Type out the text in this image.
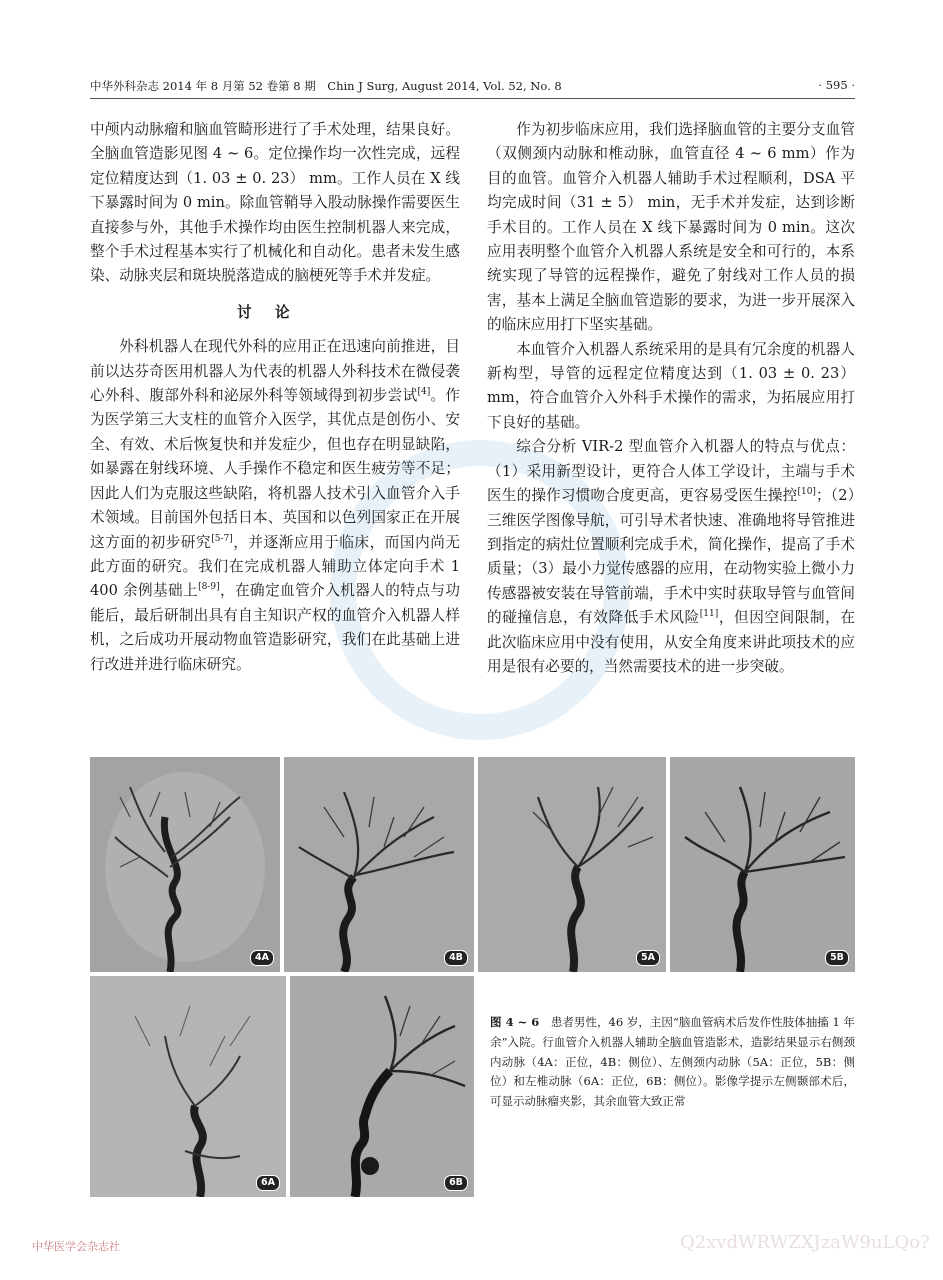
中华外科杂志 2014 年 8 月第 52 卷第 8 期　Chin J Surg, August 2014, Vol. 52, No. 8	· 595 ·

中颅内动脉瘤和脑血管畸形进行了手术处理，结果良好。全脑血管造影见图 4 ~ 6。定位操作均一次性完成，远程定位精度达到（1. 03 ± 0. 23） mm。工作人员在 X 线下暴露时间为 0 min。除血管鞘导入股动脉操作需要医生直接参与外，其他手术操作均由医生控制机器人来完成，整个手术过程基本实行了机械化和自动化。患者未发生感染、动脉夹层和斑块脱落造成的脑梗死等手术并发症。

讨论

外科机器人在现代外科的应用正在迅速向前推进，目前以达芬奇医用机器人为代表的机器人外科技术在微侵袭心外科、腹部外科和泌尿外科等领域得到初步尝试[4]。作为医学第三大支柱的血管介入医学，其优点是创伤小、安全、有效、术后恢复快和并发症少，但也存在明显缺陷，如暴露在射线环境、人手操作不稳定和医生疲劳等不足；因此人们为克服这些缺陷，将机器人技术引入血管介入手术领域。目前国外包括日本、英国和以色列国家正在开展这方面的初步研究[5-7]，并逐渐应用于临床，而国内尚无此方面的研究。我们在完成机器人辅助立体定向手术 1 400 余例基础上[8-9]，在确定血管介入机器人的特点与功能后，最后研制出具有自主知识产权的血管介入机器人样机，之后成功开展动物血管造影研究，我们在此基础上进行改进并进行临床研究。

作为初步临床应用，我们选择脑血管的主要分支血管（双侧颈内动脉和椎动脉，血管直径 4 ~ 6 mm）作为目的血管。血管介入机器人辅助手术过程顺利，DSA 平均完成时间（31 ± 5） min，无手术并发症，达到诊断手术目的。工作人员在 X 线下暴露时间为 0 min。这次应用表明整个血管介入机器人系统是安全和可行的，本系统实现了导管的远程操作，避免了射线对工作人员的损害，基本上满足全脑血管造影的要求，为进一步开展深入的临床应用打下坚实基础。

本血管介入机器人系统采用的是具有冗余度的机器人新构型，导管的远程定位精度达到（1. 03 ± 0. 23） mm，符合血管介入外科手术操作的需求，为拓展应用打下良好的基础。

综合分析 VIR-2 型血管介入机器人的特点与优点：（1）采用新型设计，更符合人体工学设计，主端与手术医生的操作习惯吻合度更高，更容易受医生操控[10]；（2）三维医学图像导航，可引导术者快速、准确地将导管推进到指定的病灶位置顺利完成手术，简化操作，提高了手术质量；（3）最小力觉传感器的应用，在动物实验上微小力传感器被安装在导管前端，手术中实时获取导管与血管间的碰撞信息，有效降低手术风险[11]，但因空间限制，在此次临床应用中没有使用，从安全角度来讲此项技术的应用是很有必要的，当然需要技术的进一步突破。

4A	4B	5A	5B
6A	6B
图 4 ~ 6　患者男性，46 岁，主因“脑血管病术后发作性肢体抽搐 1 年余”入院。行血管介入机器人辅助全脑血管造影术，造影结果显示右侧颈内动脉（4A：正位，4B：侧位）、左侧颈内动脉（5A：正位，5B：侧位）和左椎动脉（6A：正位，6B：侧位）。影像学提示左侧颞部术后，可显示动脉瘤夹影，其余血管大致正常
中华医学会杂志社	Q2xvdWRWZXJzaW9uLQo?
